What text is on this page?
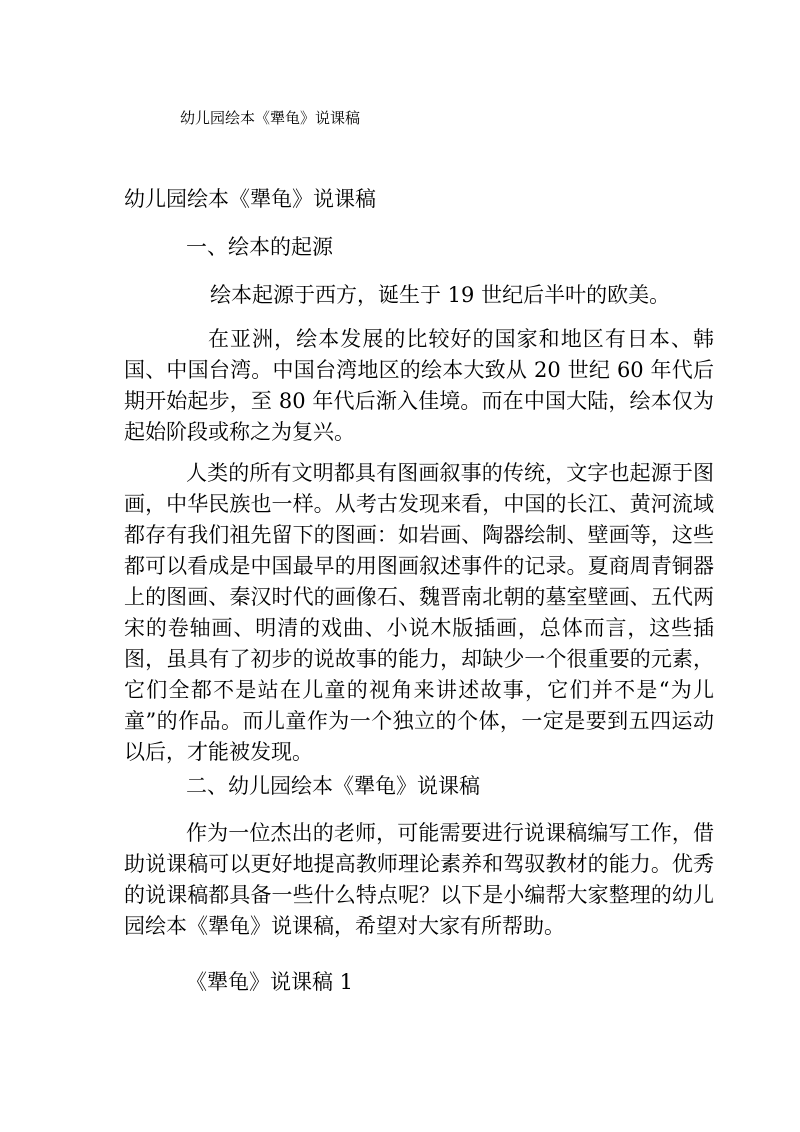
幼儿园绘本《犟龟》说课稿
幼儿园绘本《犟龟》说课稿
一、绘本的起源

绘本起源于西方，诞生于 19 世纪后半叶的欧美。

在亚洲，绘本发展的比较好的国家和地区有日本、韩国、中国台湾。中国台湾地区的绘本大致从 20 世纪 60 年代后期开始起步，至 80 年代后渐入佳境。而在中国大陆，绘本仅为起始阶段或称之为复兴。

人类的所有文明都具有图画叙事的传统，文字也起源于图画，中华民族也一样。从考古发现来看，中国的长江、黄河流域都存有我们祖先留下的图画：如岩画、陶器绘制、壁画等，这些都可以看成是中国最早的用图画叙述事件的记录。夏商周青铜器上的图画、秦汉时代的画像石、魏晋南北朝的墓室壁画、五代两宋的卷轴画、明清的戏曲、小说木版插画，总体而言，这些插图，虽具有了初步的说故事的能力，却缺少一个很重要的元素，它们全都不是站在儿童的视角来讲述故事，它们并不是“为儿童”的作品。而儿童作为一个独立的个体，一定是要到五四运动以后，才能被发现。

二、幼儿园绘本《犟龟》说课稿

作为一位杰出的老师，可能需要进行说课稿编写工作，借助说课稿可以更好地提高教师理论素养和驾驭教材的能力。优秀的说课稿都具备一些什么特点呢？以下是小编帮大家整理的幼儿园绘本《犟龟》说课稿，希望对大家有所帮助。

《犟龟》说课稿 1
